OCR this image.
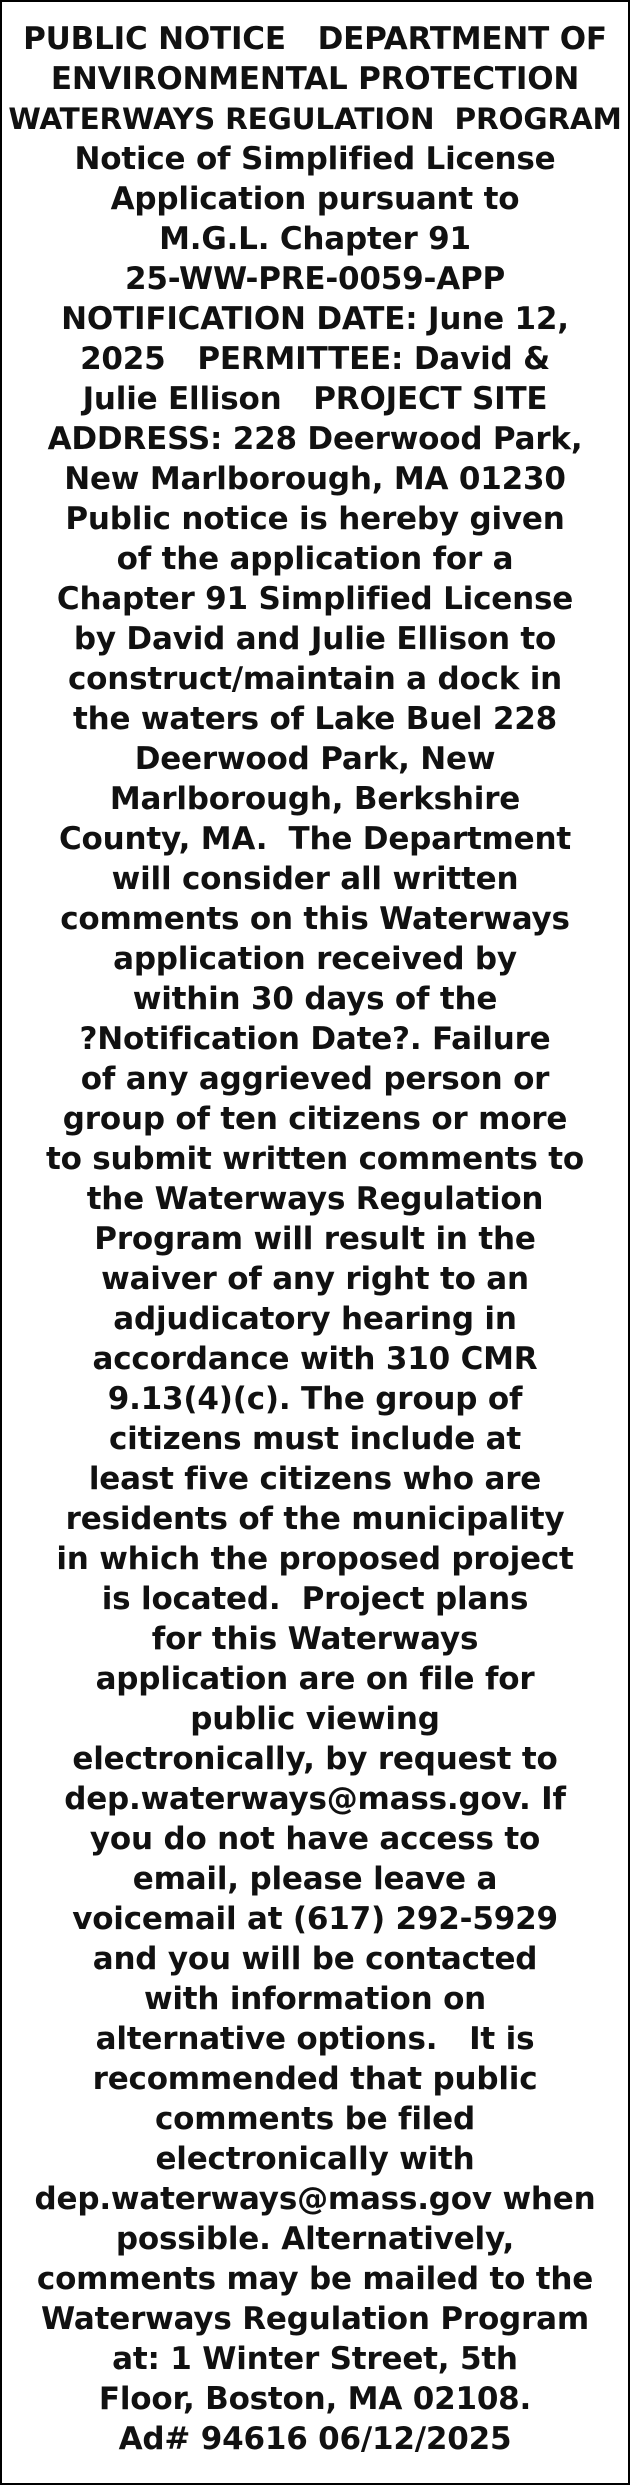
PUBLIC NOTICE   DEPARTMENT OF
ENVIRONMENTAL PROTECTION
WATERWAYS REGULATION  PROGRAM
Notice of Simplified License
Application pursuant to
M.G.L. Chapter 91
25-WW-PRE-0059-APP
NOTIFICATION DATE: June 12,
2025   PERMITTEE: David &
Julie Ellison   PROJECT SITE
ADDRESS: 228 Deerwood Park,
New Marlborough, MA 01230
Public notice is hereby given
of the application for a
Chapter 91 Simplified License
by David and Julie Ellison to
construct/maintain a dock in
the waters of Lake Buel 228
Deerwood Park, New
Marlborough, Berkshire
County, MA.  The Department
will consider all written
comments on this Waterways
application received by
within 30 days of the
?Notification Date?. Failure
of any aggrieved person or
group of ten citizens or more
to submit written comments to
the Waterways Regulation
Program will result in the
waiver of any right to an
adjudicatory hearing in
accordance with 310 CMR
9.13(4)(c). The group of
citizens must include at
least five citizens who are
residents of the municipality
in which the proposed project
is located.  Project plans
for this Waterways
application are on file for
public viewing
electronically, by request to
dep.waterways@mass.gov. If
you do not have access to
email, please leave a
voicemail at (617) 292-5929
and you will be contacted
with information on
alternative options.   It is
recommended that public
comments be filed
electronically with
dep.waterways@mass.gov when
possible. Alternatively,
comments may be mailed to the
Waterways Regulation Program
at: 1 Winter Street, 5th
Floor, Boston, MA 02108.
Ad# 94616 06/12/2025
